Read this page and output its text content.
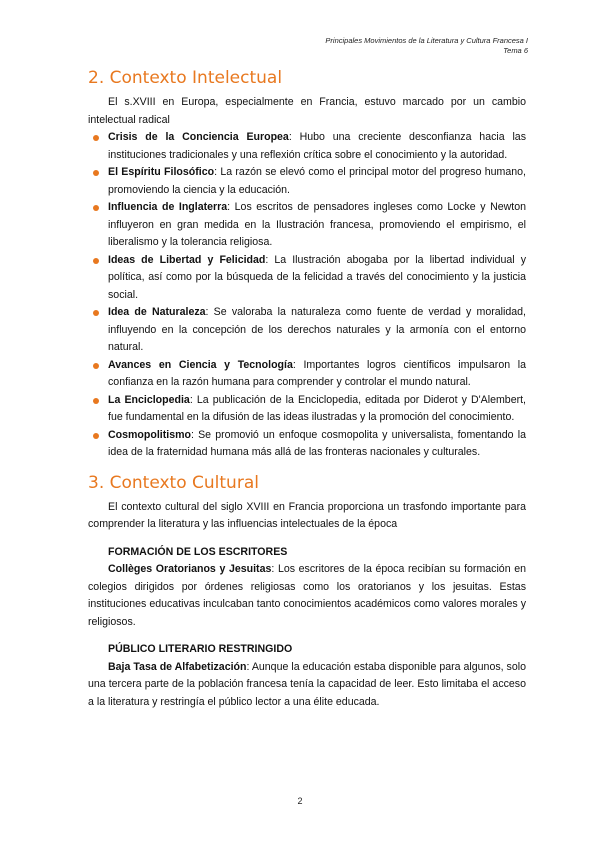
Principales Movimientos de la Literatura y Cultura Francesa I
Tema 6
2. Contexto Intelectual

El s.XVIII en Europa, especialmente en Francia, estuvo marcado por un cambio intelectual radical

Crisis de la Conciencia Europea: Hubo una creciente desconfianza hacia las instituciones tradicionales y una reflexión crítica sobre el conocimiento y la autoridad.
El Espíritu Filosófico: La razón se elevó como el principal motor del progreso humano, promoviendo la ciencia y la educación.
Influencia de Inglaterra: Los escritos de pensadores ingleses como Locke y Newton influyeron en gran medida en la Ilustración francesa, promoviendo el empirismo, el liberalismo y la tolerancia religiosa.
Ideas de Libertad y Felicidad: La Ilustración abogaba por la libertad individual y política, así como por la búsqueda de la felicidad a través del conocimiento y la justicia social.
Idea de Naturaleza: Se valoraba la naturaleza como fuente de verdad y moralidad, influyendo en la concepción de los derechos naturales y la armonía con el entorno natural.
Avances en Ciencia y Tecnología: Importantes logros científicos impulsaron la confianza en la razón humana para comprender y controlar el mundo natural.
La Enciclopedia: La publicación de la Enciclopedia, editada por Diderot y D'Alembert, fue fundamental en la difusión de las ideas ilustradas y la promoción del conocimiento.
Cosmopolitismo: Se promovió un enfoque cosmopolita y universalista, fomentando la idea de la fraternidad humana más allá de las fronteras nacionales y culturales.
3. Contexto Cultural

El contexto cultural del siglo XVIII en Francia proporciona un trasfondo importante para comprender la literatura y las influencias intelectuales de la época

FORMACIÓN DE LOS ESCRITORES

Collèges Oratorianos y Jesuitas: Los escritores de la época recibían su formación en colegios dirigidos por órdenes religiosas como los oratorianos y los jesuitas. Estas instituciones educativas inculcaban tanto conocimientos académicos como valores morales y religiosos.

PÚBLICO LITERARIO RESTRINGIDO

Baja Tasa de Alfabetización: Aunque la educación estaba disponible para algunos, solo una tercera parte de la población francesa tenía la capacidad de leer. Esto limitaba el acceso a la literatura y restringía el público lector a una élite educada.

2
